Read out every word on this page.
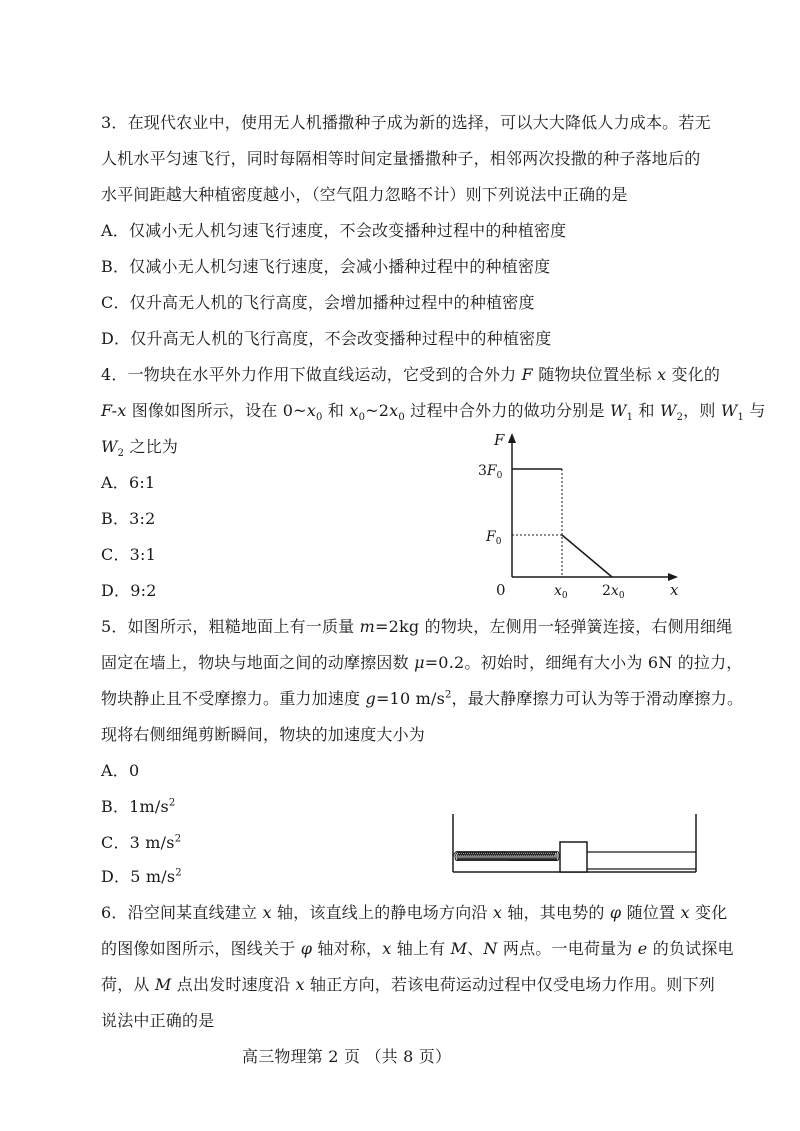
3．在现代农业中，使用无人机播撒种子成为新的选择，可以大大降低人力成本。若无
人机水平匀速飞行，同时每隔相等时间定量播撒种子，相邻两次投撒的种子落地后的
水平间距越大种植密度越小，（空气阻力忽略不计）则下列说法中正确的是
A．仅减小无人机匀速飞行速度，不会改变播种过程中的种植密度
B．仅减小无人机匀速飞行速度，会减小播种过程中的种植密度
C．仅升高无人机的飞行高度，会增加播种过程中的种植密度
D．仅升高无人机的飞行高度，不会改变播种过程中的种植密度
4．一物块在水平外力作用下做直线运动，它受到的合外力 F 随物块位置坐标 x 变化的
F-x 图像如图所示，设在 $0\sim x_0$ 和 $x_0\sim 2x_0$ 过程中合外力的做功分别是 $W_1$ 和 $W_2$，则 $W_1$ 与
$W_2$ 之比为
A．6:1
B．3:2
C．3:1
D．9:2
F
x
0
$3F_0$
$F_0$
$x_0$ $2x_0$
5．如图所示，粗糙地面上有一质量 m=2kg 的物块，左侧用一轻弹簧连接，右侧用细绳
固定在墙上，物块与地面之间的动摩擦因数 μ=0.2。初始时，细绳有大小为 6N 的拉力，
物块静止且不受摩擦力。重力加速度 g=10 $m/s^2$，最大静摩擦力可认为等于滑动摩擦力。
现将右侧细绳剪断瞬间，物块的加速度大小为
A．0
B．$1m/s^2$
C．3 $m/s^2$
D．5 $m/s^2$
6．沿空间某直线建立 x 轴，该直线上的静电场方向沿 x 轴，其电势的 φ 随位置 x 变化
的图像如图所示，图线关于 φ 轴对称，x 轴上有 M、N 两点。一电荷量为 e 的负试探电
荷，从 M 点出发时速度沿 x 轴正方向，若该电荷运动过程中仅受电场力作用。则下列
说法中正确的是
高三物理第 2 页 （共 8 页）
